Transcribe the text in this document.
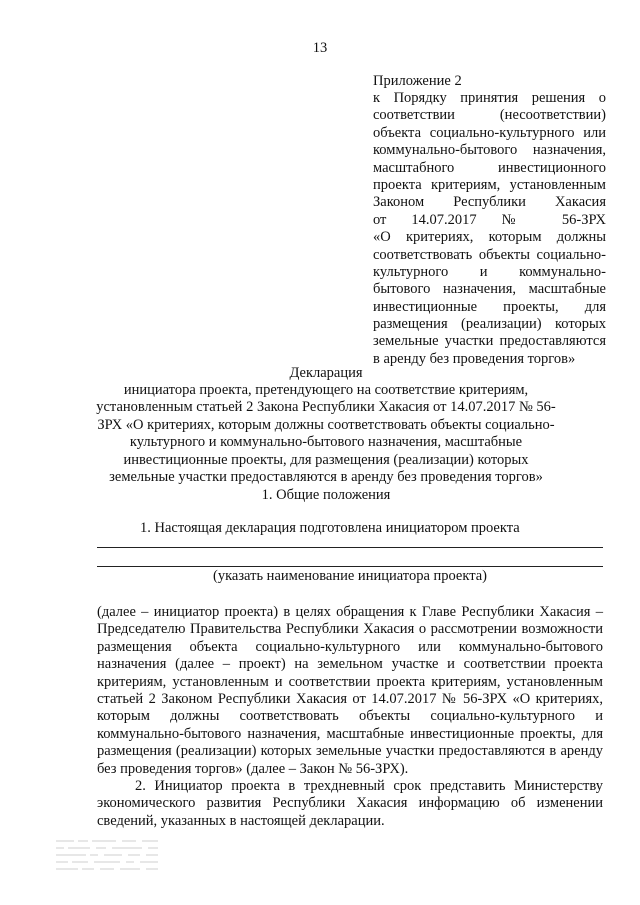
13
Приложение 2
к Порядку принятия решения о
соответствии (несоответствии)
объекта социально-культурного или
коммунально-бытового назначения,
масштабного инвестиционного
проекта критериям, установленным
Законом Республики Хакасия
от 14.07.2017 № 56-ЗРХ
«О критериях, которым должны
соответствовать объекты социально-
культурного и коммунально-
бытового назначения, масштабные
инвестиционные проекты, для
размещения (реализации) которых
земельные участки предоставляются
в аренду без проведения торгов»
Декларация
инициатора проекта, претендующего на соответствие критериям, установленным статьей 2 Закона Республики Хакасия от 14.07.2017 № 56-ЗРХ «О критериях, которым должны соответствовать объекты социально-культурного и коммунально-бытового назначения, масштабные инвестиционные проекты, для размещения (реализации) которых земельные участки предоставляются в аренду без проведения торгов»
1. Общие положения
1. Настоящая декларация подготовлена инициатором проекта
(указать наименование инициатора проекта)

(далее – инициатор проекта) в целях обращения к Главе Республики Хакасия – Председателю Правительства Республики Хакасия о рассмотрении возможности размещения объекта социально-культурного или коммунально-бытового назначения (далее – проект) на земельном участке и соответствии проекта критериям, установленным и соответствии проекта критериям, установленным статьей 2 Законом Республики Хакасия от 14.07.2017 № 56-ЗРХ «О критериях, которым должны соответствовать объекты социально-культурного и коммунально-бытового назначения, масштабные инвестиционные проекты, для размещения (реализации) которых земельные участки предоставляются в аренду без проведения торгов» (далее – Закон № 56-ЗРХ).

2. Инициатор проекта в трехдневный срок представить Министерству экономического развития Республики Хакасия информацию об изменении сведений, указанных в настоящей декларации.
